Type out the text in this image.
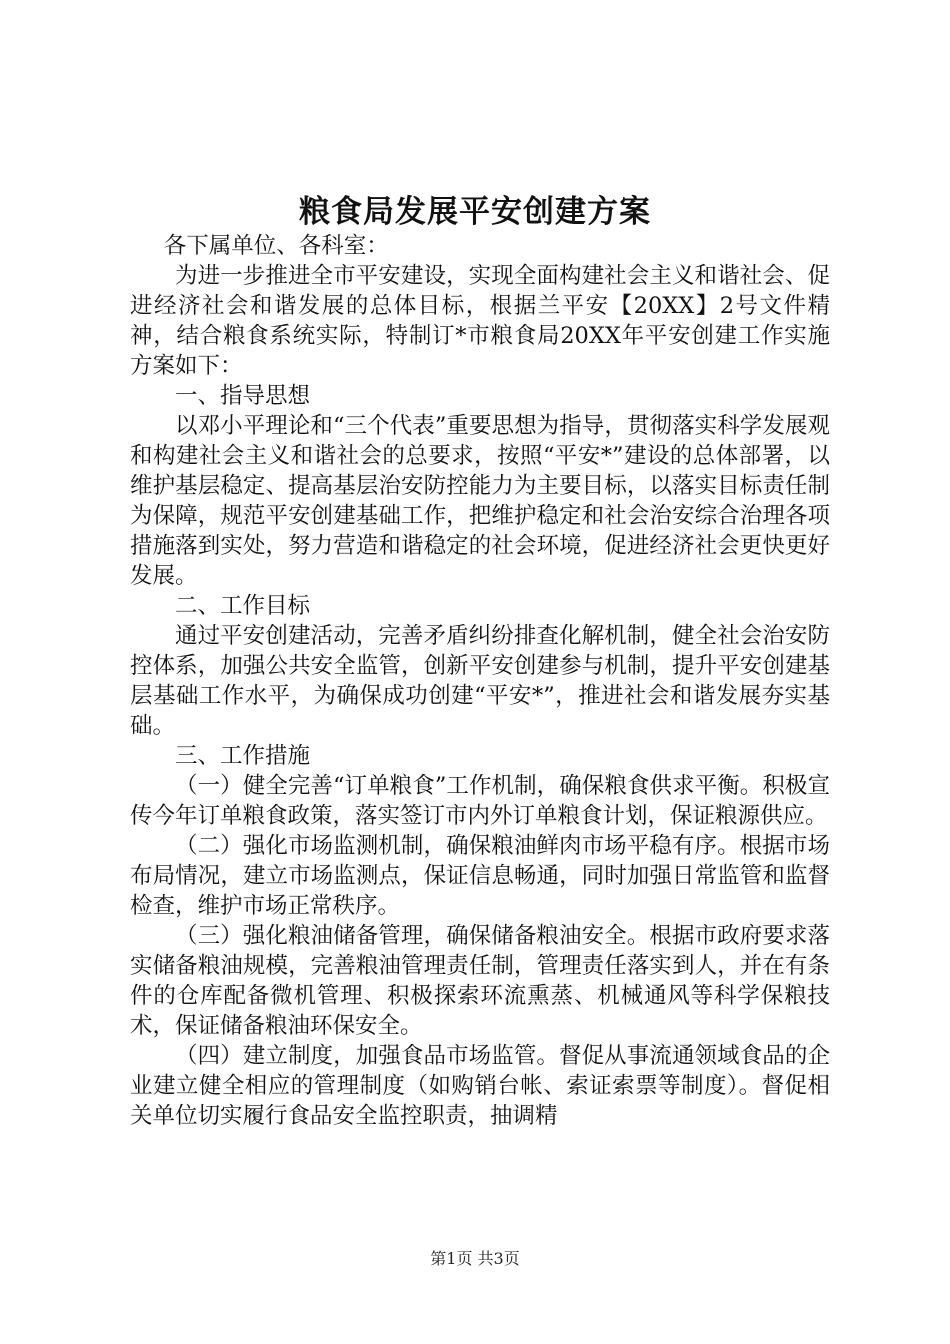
粮食局发展平安创建方案

各下属单位、各科室：

为进一步推进全市平安建设，实现全面构建社会主义和谐社会、促进经济社会和谐发展的总体目标，根据兰平安【20XX】2号文件精神，结合粮食系统实际，特制订*市粮食局20XX年平安创建工作实施方案如下：

一、指导思想

以邓小平理论和“三个代表”重要思想为指导，贯彻落实科学发展观和构建社会主义和谐社会的总要求，按照“平安*”建设的总体部署，以维护基层稳定、提高基层治安防控能力为主要目标，以落实目标责任制为保障，规范平安创建基础工作，把维护稳定和社会治安综合治理各项措施落到实处，努力营造和谐稳定的社会环境，促进经济社会更快更好发展。

二、工作目标

通过平安创建活动，完善矛盾纠纷排查化解机制，健全社会治安防控体系，加强公共安全监管，创新平安创建参与机制，提升平安创建基层基础工作水平，为确保成功创建“平安*”，推进社会和谐发展夯实基础。

三、工作措施

（一）健全完善“订单粮食”工作机制，确保粮食供求平衡。积极宣传今年订单粮食政策，落实签订市内外订单粮食计划，保证粮源供应。

（二）强化市场监测机制，确保粮油鲜肉市场平稳有序。根据市场布局情况，建立市场监测点，保证信息畅通，同时加强日常监管和监督检查，维护市场正常秩序。

（三）强化粮油储备管理，确保储备粮油安全。根据市政府要求落实储备粮油规模，完善粮油管理责任制，管理责任落实到人，并在有条件的仓库配备微机管理、积极探索环流熏蒸、机械通风等科学保粮技术，保证储备粮油环保安全。

（四）建立制度，加强食品市场监管。督促从事流通领域食品的企业建立健全相应的管理制度（如购销台帐、索证索票等制度）。督促相关单位切实履行食品安全监控职责，抽调精

第1页 共3页
